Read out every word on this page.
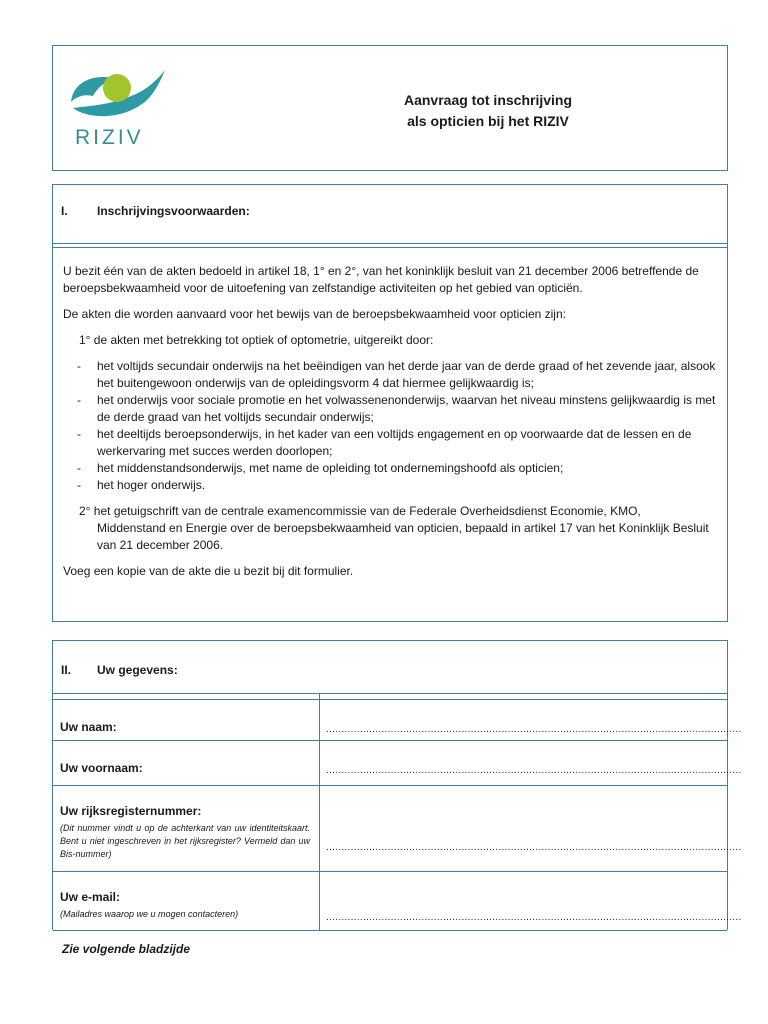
RIZIV
Aanvraag tot inschrijving
als opticien bij het RIZIV
I. Inschrijvingsvoorwaarden:

U bezit één van de akten bedoeld in artikel 18, 1° en 2°, van het koninklijk besluit van 21 december 2006 betreffende de beroepsbekwaamheid voor de uitoefening van zelfstandige activiteiten op het gebied van opticiën.

De akten die worden aanvaard voor het bewijs van de beroepsbekwaamheid voor opticien zijn:

1° de akten met betrekking tot optiek of optometrie, uitgereikt door:

- het voltijds secundair onderwijs na het beëindigen van het derde jaar van de derde graad of het zevende jaar, alsook het buitengewoon onderwijs van de opleidingsvorm 4 dat hiermee gelijkwaardig is;
- het onderwijs voor sociale promotie en het volwassenenonderwijs, waarvan het niveau minstens gelijkwaardig is met de derde graad van het voltijds secundair onderwijs;
- het deeltijds beroepsonderwijs, in het kader van een voltijds engagement en op voorwaarde dat de lessen en de werkervaring met succes werden doorlopen;
- het middenstandsonderwijs, met name de opleiding tot ondernemingshoofd als opticien;
- het hoger onderwijs.

2° het getuigschrift van de centrale examencommissie van de Federale Overheidsdienst Economie, KMO,
Middenstand en Energie over de beroepsbekwaamheid van opticien, bepaald in artikel 17 van het Koninklijk Besluit van 21 december 2006.

Voeg een kopie van de akte die u bezit bij dit formulier.

II. Uw gegevens:
Uw naam:	.......................................................................................................................................
Uw voornaam:	.......................................................................................................................................
Uw rijksregisternummer:
(Dit nummer vindt u op de achterkant van uw identiteitskaart. Bent u niet ingeschreven in het rijksregister? Vermeld dan uw Bis-nummer)
.......................................................................................................................................
Uw e-mail:
(Mailadres waarop we u mogen contacteren)	.......................................................................................................................................
Zie volgende bladzijde
